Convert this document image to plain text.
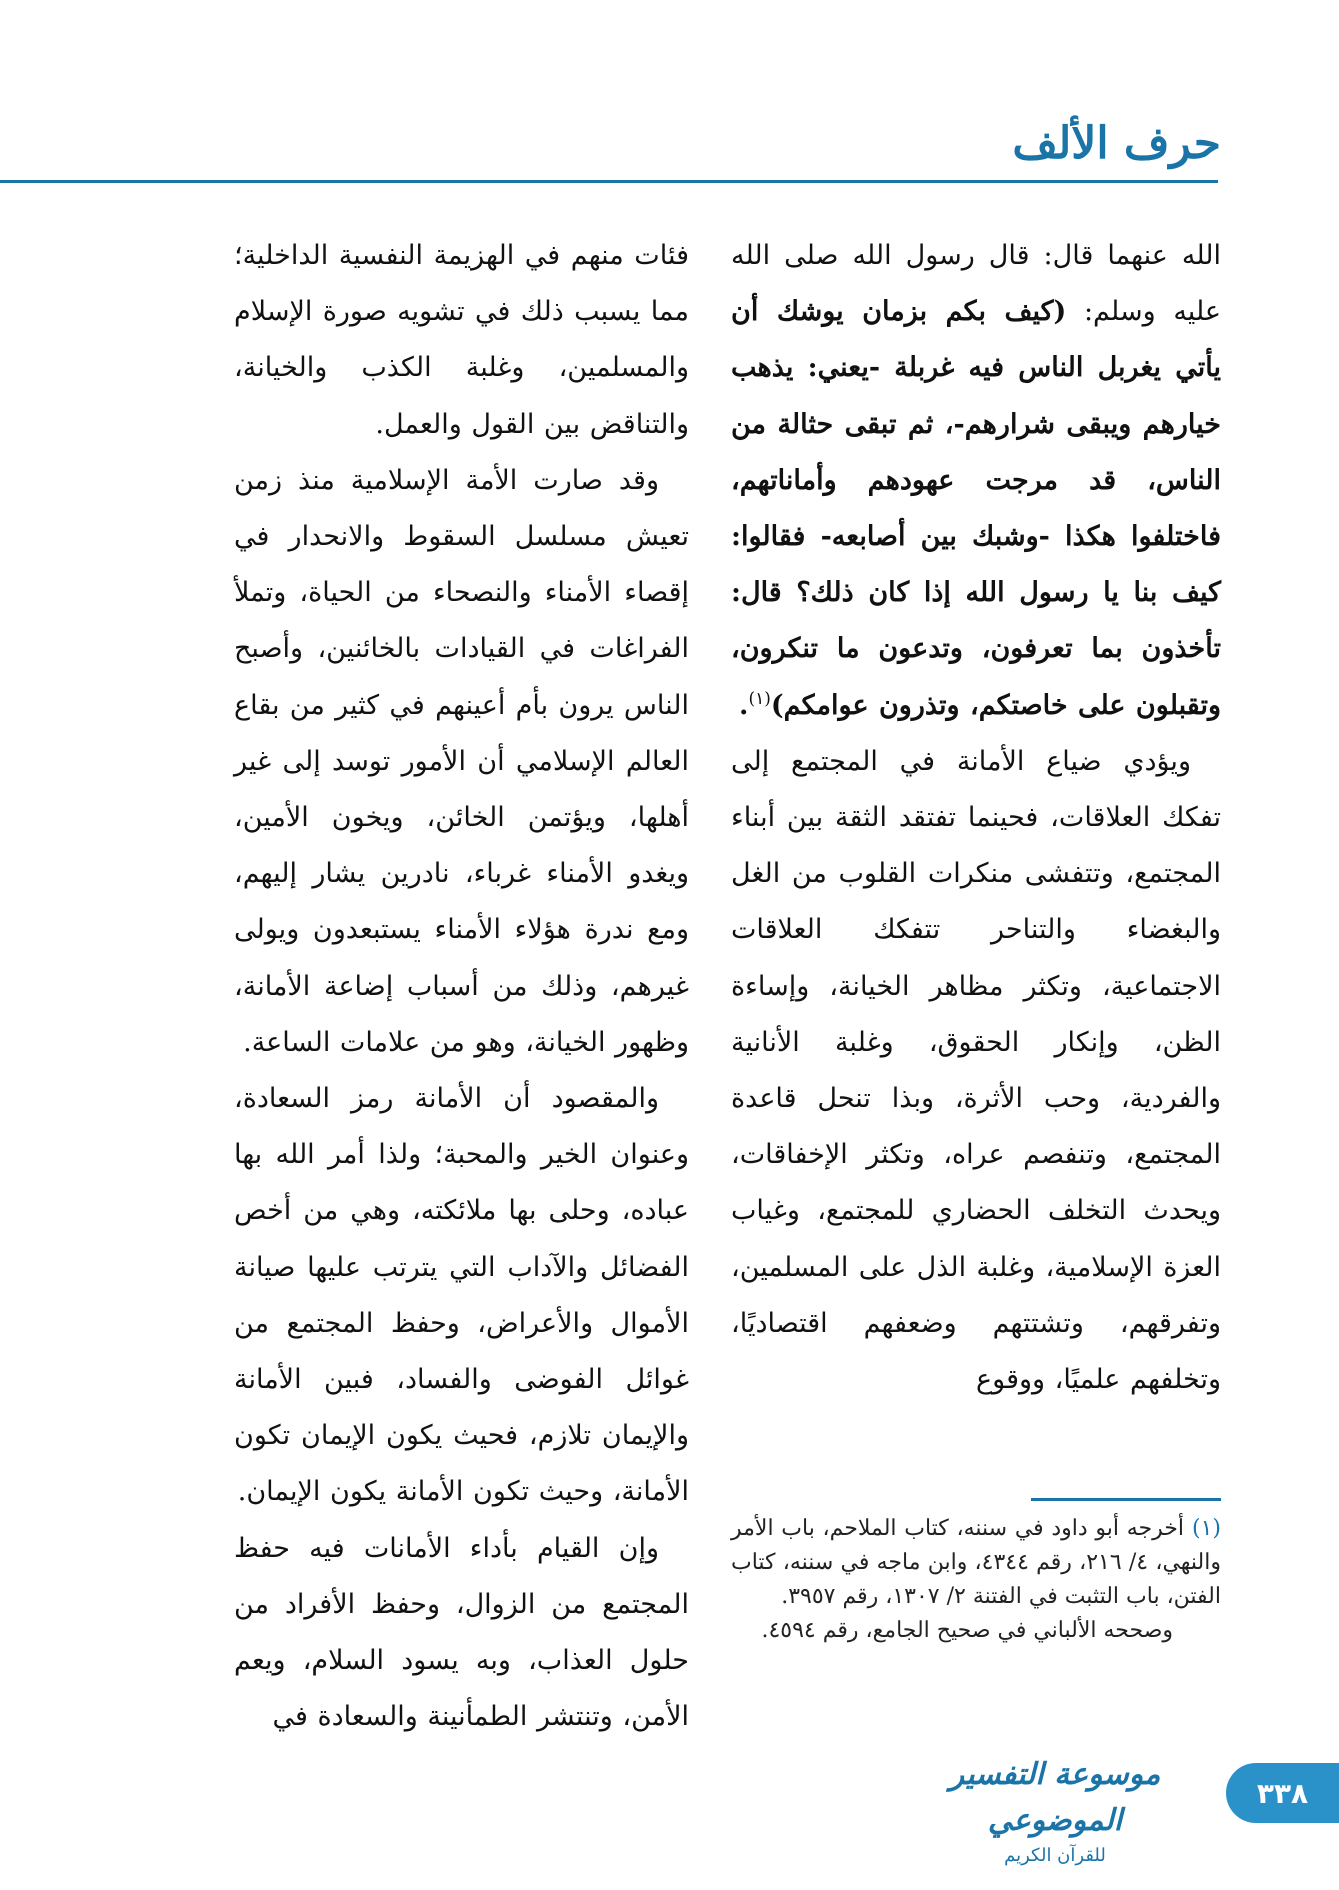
حرف الألف

الله عنهما قال: قال رسول الله صلى الله عليه وسلم: (كيف بكم بزمان يوشك أن يأتي يغربل الناس فيه غربلة -يعني: يذهب خيارهم ويبقى شرارهم-، ثم تبقى حثالة من الناس، قد مرجت عهودهم وأماناتهم، فاختلفوا هكذا -وشبك بين أصابعه- فقالوا: كيف بنا يا رسول الله إذا كان ذلك؟ قال: تأخذون بما تعرفون، وتدعون ما تنكرون، وتقبلون على خاصتكم، وتذرون عوامكم)$^{(١)}$.

ويؤدي ضياع الأمانة في المجتمع إلى تفكك العلاقات، فحينما تفتقد الثقة بين أبناء المجتمع، وتتفشى منكرات القلوب من الغل والبغضاء والتناحر تتفكك العلاقات الاجتماعية، وتكثر مظاهر الخيانة، وإساءة الظن، وإنكار الحقوق، وغلبة الأنانية والفردية، وحب الأثرة، وبذا تنحل قاعدة المجتمع، وتنفصم عراه، وتكثر الإخفاقات، ويحدث التخلف الحضاري للمجتمع، وغياب العزة الإسلامية، وغلبة الذل على المسلمين، وتفرقهم، وتشتتهم وضعفهم اقتصاديًا، وتخلفهم علميًا، ووقوع

فئات منهم في الهزيمة النفسية الداخلية؛ مما يسبب ذلك في تشويه صورة الإسلام والمسلمين، وغلبة الكذب والخيانة، والتناقض بين القول والعمل.

وقد صارت الأمة الإسلامية منذ زمن تعيش مسلسل السقوط والانحدار في إقصاء الأمناء والنصحاء من الحياة، وتملأ الفراغات في القيادات بالخائنين، وأصبح الناس يرون بأم أعينهم في كثير من بقاع العالم الإسلامي أن الأمور توسد إلى غير أهلها، ويؤتمن الخائن، ويخون الأمين، ويغدو الأمناء غرباء، نادرين يشار إليهم، ومع ندرة هؤلاء الأمناء يستبعدون ويولى غيرهم، وذلك من أسباب إضاعة الأمانة، وظهور الخيانة، وهو من علامات الساعة.

والمقصود أن الأمانة رمز السعادة، وعنوان الخير والمحبة؛ ولذا أمر الله بها عباده، وحلى بها ملائكته، وهي من أخص الفضائل والآداب التي يترتب عليها صيانة الأموال والأعراض، وحفظ المجتمع من غوائل الفوضى والفساد، فبين الأمانة والإيمان تلازم، فحيث يكون الإيمان تكون الأمانة، وحيث تكون الأمانة يكون الإيمان.

وإن القيام بأداء الأمانات فيه حفظ المجتمع من الزوال، وحفظ الأفراد من حلول العذاب، وبه يسود السلام، ويعم الأمن، وتنتشر الطمأنينة والسعادة في

(١)أخرجه أبو داود في سننه، كتاب الملاحم، باب الأمر والنهي، ٤/ ٢١٦، رقم ٤٣٤٤، وابن ماجه في سننه، كتاب الفتن، باب التثبت في الفتنة ٢/ ١٣٠٧، رقم ٣٩٥٧.
وصححه الألباني في صحيح الجامع، رقم ٤٥٩٤.
موسوعة التفسير الموضوعي
للقرآن الكريم
٣٣٨
